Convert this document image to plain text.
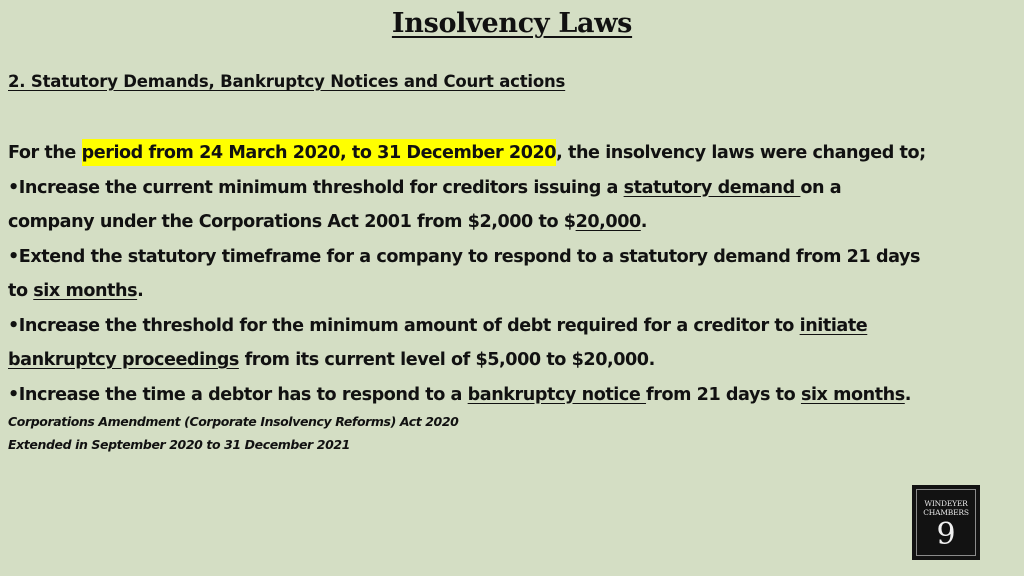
Insolvency Laws
2. Statutory Demands, Bankruptcy Notices and Court actions
For the period from 24 March 2020, to 31 December 2020, the insolvency laws were changed to;
•Increase the current minimum threshold for creditors issuing a statutory demand on a
company under the Corporations Act 2001 from $2,000 to $20,000.
•Extend the statutory timeframe for a company to respond to a statutory demand from 21 days
to six months.
•Increase the threshold for the minimum amount of debt required for a creditor to initiate
bankruptcy proceedings from its current level of $5,000 to $20,000.
•Increase the time a debtor has to respond to a bankruptcy notice from 21 days to six months.
Corporations Amendment (Corporate Insolvency Reforms) Act 2020
Extended in September 2020 to 31 December 2021
WINDEYER
CHAMBERS
9
